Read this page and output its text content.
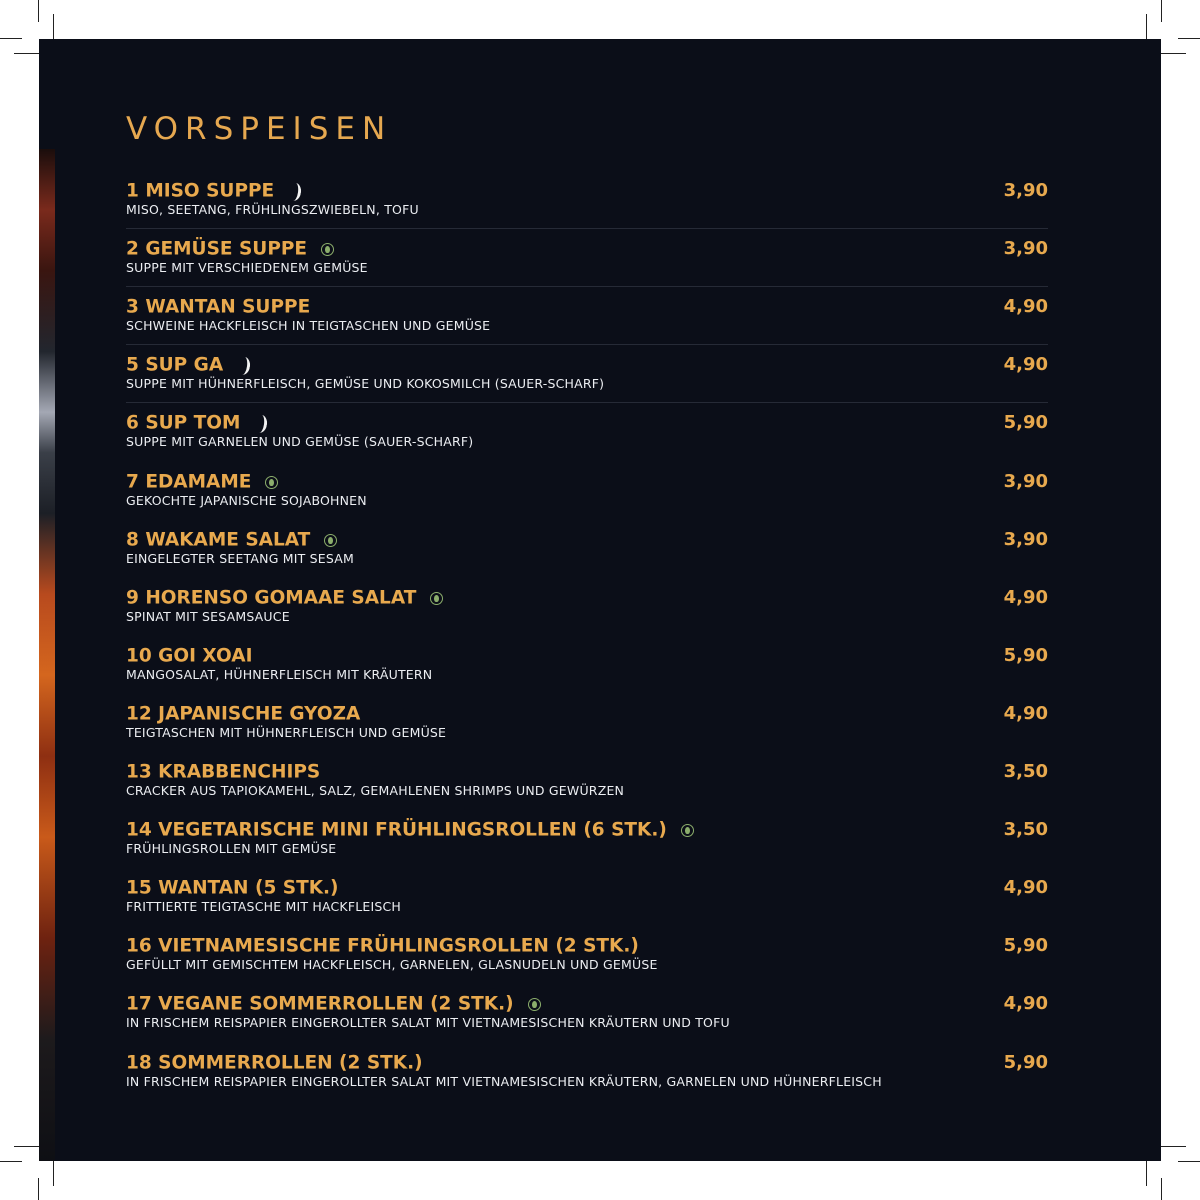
VORSPEISEN
1 MISO SUPPE
MISO, SEETANG, FRÜHLINGSZWIEBELN, TOFU
3,90
2 GEMÜSE SUPPE
SUPPE MIT VERSCHIEDENEM GEMÜSE
3,90
3 WANTAN SUPPE
SCHWEINE HACKFLEISCH IN TEIGTASCHEN UND GEMÜSE
4,90
5 SUP GA
SUPPE MIT HÜHNERFLEISCH, GEMÜSE UND KOKOSMILCH (SAUER-SCHARF)
4,90
6 SUP TOM
SUPPE MIT GARNELEN UND GEMÜSE (SAUER-SCHARF)
5,90
7 EDAMAME
GEKOCHTE JAPANISCHE SOJABOHNEN
3,90
8 WAKAME SALAT
EINGELEGTER SEETANG MIT SESAM
3,90
9 HORENSO GOMAAE SALAT
SPINAT MIT SESAMSAUCE
4,90
10 GOI XOAI
MANGOSALAT, HÜHNERFLEISCH MIT KRÄUTERN
5,90
12 JAPANISCHE GYOZA
TEIGTASCHEN MIT HÜHNERFLEISCH UND GEMÜSE
4,90
13 KRABBENCHIPS
CRACKER AUS TAPIOKAMEHL, SALZ, GEMAHLENEN SHRIMPS UND GEWÜRZEN
3,50
14 VEGETARISCHE MINI FRÜHLINGSROLLEN (6 STK.)
FRÜHLINGSROLLEN MIT GEMÜSE
3,50
15 WANTAN (5 STK.)
FRITTIERTE TEIGTASCHE MIT HACKFLEISCH
4,90
16 VIETNAMESISCHE FRÜHLINGSROLLEN (2 STK.)
GEFÜLLT MIT GEMISCHTEM HACKFLEISCH, GARNELEN, GLASNUDELN UND GEMÜSE
5,90
17 VEGANE SOMMERROLLEN (2 STK.)
IN FRISCHEM REISPAPIER EINGEROLLTER SALAT MIT VIETNAMESISCHEN KRÄUTERN UND TOFU
4,90
18 SOMMERROLLEN (2 STK.)
IN FRISCHEM REISPAPIER EINGEROLLTER SALAT MIT VIETNAMESISCHEN KRÄUTERN, GARNELEN UND HÜHNERFLEISCH
5,90
